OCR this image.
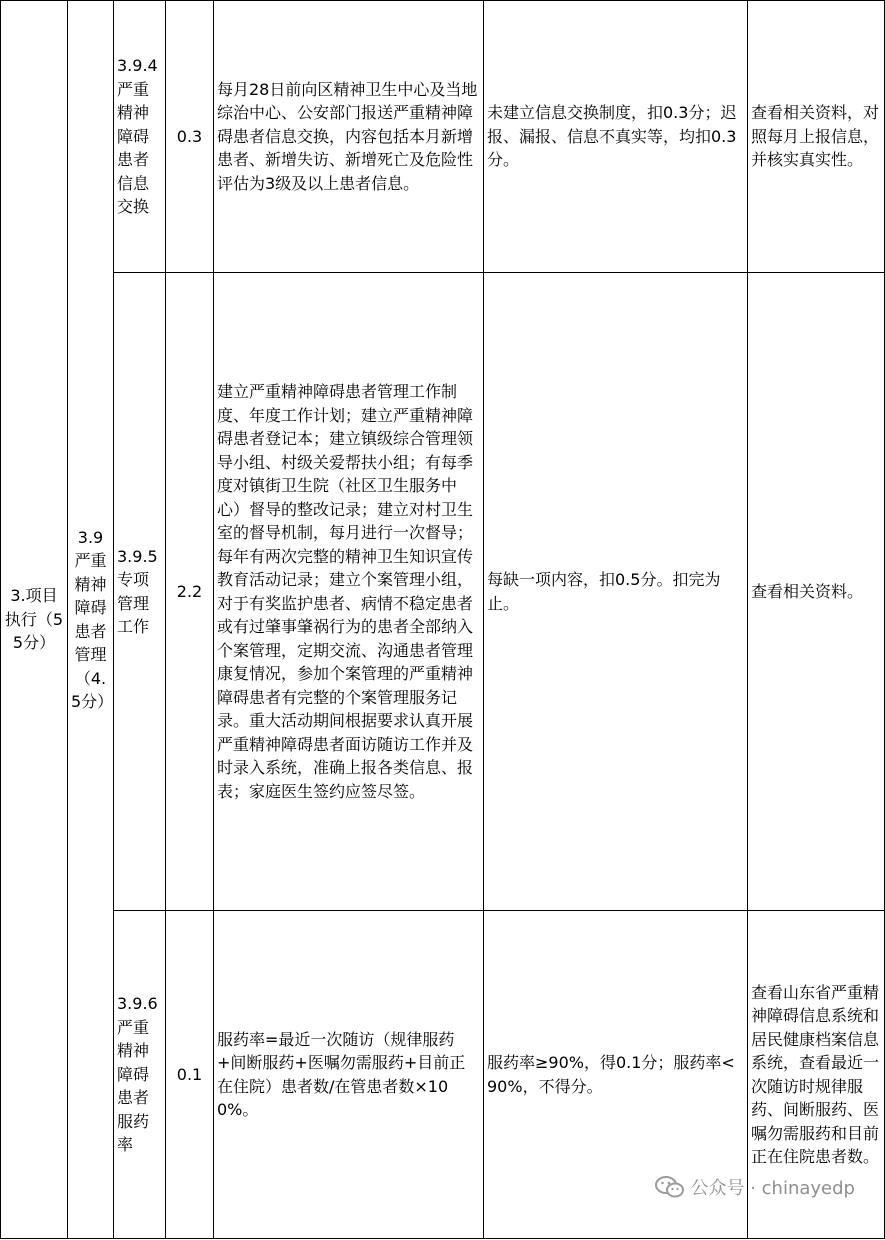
3.项目执行（55分）	3.9 严重精神障碍患者管理（4.5分）	3.9.4 严重精神障碍患者信息交换	0.3	每月28日前向区精神卫生中心及当地综治中心、公安部门报送严重精神障碍患者信息交换，内容包括本月新增患者、新增失访、新增死亡及危险性评估为3级及以上患者信息。	未建立信息交换制度，扣0.3分；迟报、漏报、信息不真实等，均扣0.3分。	查看相关资料，对照每月上报信息，并核实真实性。
		3.9.5 专项管理工作	2.2	建立严重精神障碍患者管理工作制度、年度工作计划；建立严重精神障碍患者登记本；建立镇级综合管理领导小组、村级关爱帮扶小组；有每季度对镇街卫生院（社区卫生服务中心）督导的整改记录；建立对村卫生室的督导机制，每月进行一次督导；每年有两次完整的精神卫生知识宣传教育活动记录；建立个案管理小组，对于有奖监护患者、病情不稳定患者或有过肇事肇祸行为的患者全部纳入个案管理，定期交流、沟通患者管理康复情况，参加个案管理的严重精神障碍患者有完整的个案管理服务记录。重大活动期间根据要求认真开展严重精神障碍患者面访随访工作并及时录入系统，准确上报各类信息、报表；家庭医生签约应签尽签。	每缺一项内容，扣0.5分。扣完为止。	查看相关资料。
		3.9.6 严重精神障碍患者服药率	0.1	服药率=最近一次随访（规律服药+间断服药+医嘱勿需服药+目前正在住院）患者数/在管患者数×100%。	服药率≥90%，得0.1分；服药率<90%，不得分。	查看山东省严重精神障碍信息系统和居民健康档案信息系统，查看最近一次随访时规律服药、间断服药、医嘱勿需服药和目前正在住院患者数。
公众号 · chinayedp
